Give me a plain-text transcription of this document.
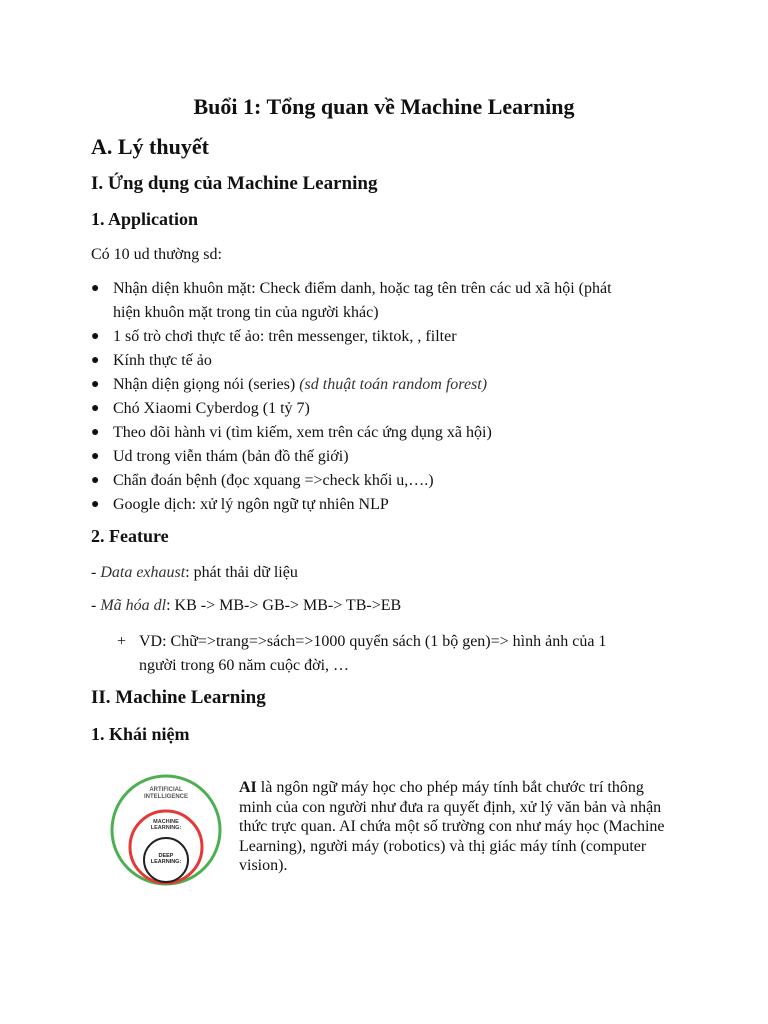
Buổi 1: Tổng quan về Machine Learning
A. Lý thuyết
I. Ứng dụng của Machine Learning
1. Application
Có 10 ud thường sd:
● Nhận diện khuôn mặt: Check điểm danh, hoặc tag tên trên các ud xã hội (phát
hiện khuôn mặt trong tin của người khác)
● 1 số trò chơi thực tế ảo: trên messenger, tiktok, , filter
● Kính thực tế ảo
● Nhận diện giọng nói (series) (sd thuật toán random forest)
● Chó Xiaomi Cyberdog (1 tỷ 7)
● Theo dõi hành vi (tìm kiếm, xem trên các ứng dụng xã hội)
● Ud trong viễn thám (bản đồ thế giới)
● Chẩn đoán bệnh (đọc xquang =>check khối u,….)
● Google dịch: xử lý ngôn ngữ tự nhiên NLP
2. Feature
- Data exhaust: phát thải dữ liệu
- Mã hóa dl: KB -> MB-> GB-> MB-> TB->EB
+ VD: Chữ=>trang=>sách=>1000 quyển sách (1 bộ gen)=> hình ảnh của 1
người trong 60 năm cuộc đời, …
II. Machine Learning
1. Khái niệm
ARTIFICIAL
INTELLIGENCE
MACHINE
LEARNING:
DEEP
LEARNING:
AI là ngôn ngữ máy học cho phép máy tính bắt chước trí thông minh của con người như đưa ra quyết định, xử lý văn bản và nhận thức trực quan. AI chứa một số trường con như máy học (Machine Learning), người máy (robotics) và thị giác máy tính (computer vision).
